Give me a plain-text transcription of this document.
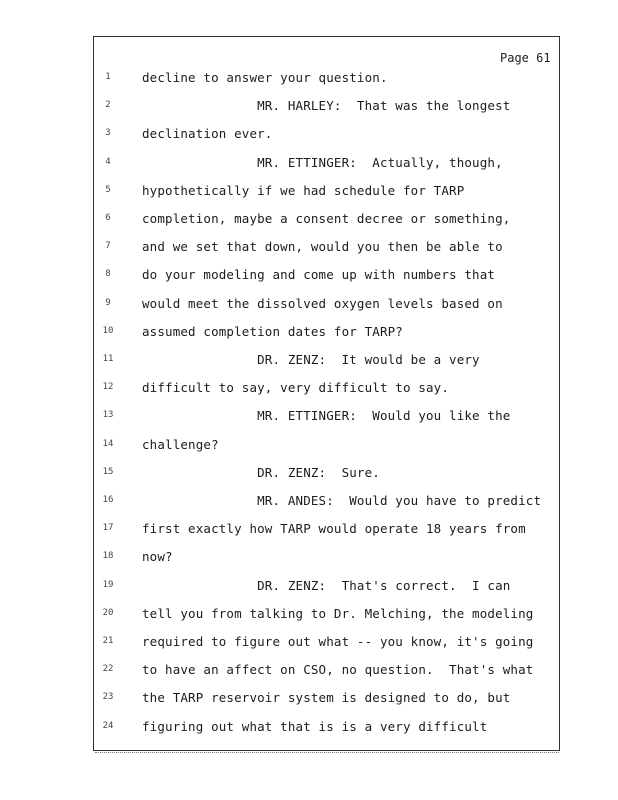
Page 61
1	decline to answer your question.
2	MR. HARLEY:  That was the longest
3	declination ever.
4	MR. ETTINGER:  Actually, though,
5	hypothetically if we had schedule for TARP
6	completion, maybe a consent decree or something,
7	and we set that down, would you then be able to
8	do your modeling and come up with numbers that
9	would meet the dissolved oxygen levels based on
10	assumed completion dates for TARP?
11	DR. ZENZ:  It would be a very
12	difficult to say, very difficult to say.
13	MR. ETTINGER:  Would you like the
14	challenge?
15	DR. ZENZ:  Sure.
16	MR. ANDES:  Would you have to predict
17	first exactly how TARP would operate 18 years from
18	now?
19	DR. ZENZ:  That's correct.  I can
20	tell you from talking to Dr. Melching, the modeling
21	required to figure out what -- you know, it's going
22	to have an affect on CSO, no question.  That's what
23	the TARP reservoir system is designed to do, but
24	figuring out what that is is a very difficult
